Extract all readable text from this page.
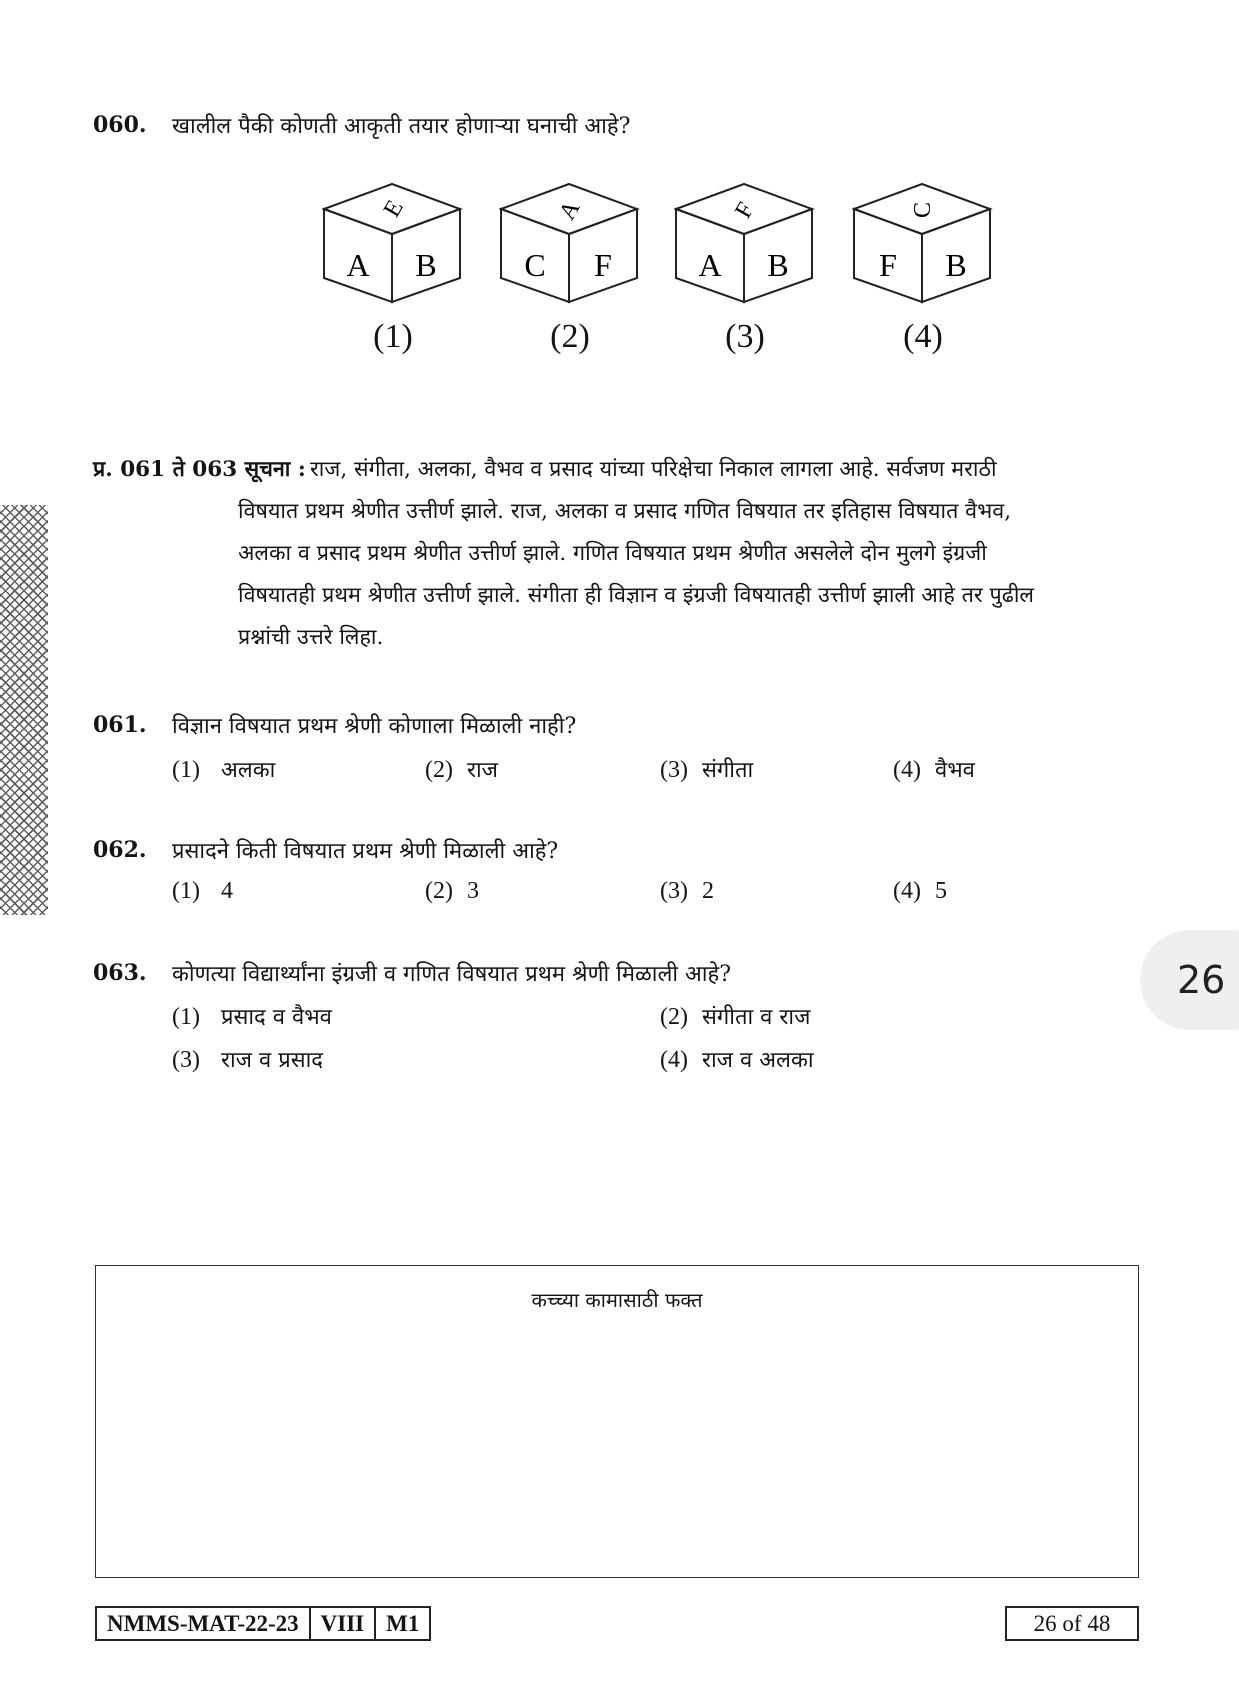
060. खालील पैकी कोणती आकृती तयार होणाऱ्या घनाची आहे?
E
A B
A
C F
F
A B
C
F B
(1)	(2)	(3)	(4)
प्र. 061 ते 063 सूचना : राज, संगीता, अलका, वैभव व प्रसाद यांच्या परिक्षेचा निकाल लागला आहे. सर्वजण मराठी
विषयात प्रथम श्रेणीत उत्तीर्ण झाले. राज, अलका व प्रसाद गणित विषयात तर इतिहास विषयात वैभव,
अलका व प्रसाद प्रथम श्रेणीत उत्तीर्ण झाले. गणित विषयात प्रथम श्रेणीत असलेले दोन मुलगे इंग्रजी
विषयातही प्रथम श्रेणीत उत्तीर्ण झाले. संगीता ही विज्ञान व इंग्रजी विषयातही उत्तीर्ण झाली आहे तर पुढील
प्रश्नांची उत्तरे लिहा.
061. विज्ञान विषयात प्रथम श्रेणी कोणाला मिळाली नाही?
(1) अलका	(2) राज	(3) संगीता	(4) वैभव
062. प्रसादने किती विषयात प्रथम श्रेणी मिळाली आहे?
(1) 4	(2) 3	(3) 2	(4) 5
063. कोणत्या विद्यार्थ्यांना इंग्रजी व गणित विषयात प्रथम श्रेणी मिळाली आहे?
(1) प्रसाद व वैभव	(2) संगीता व राज
(3) राज व प्रसाद	(4) राज व अलका
26
कच्च्या कामासाठी फक्त
NMMS-MAT-22-23 VIII M1	26 of 48
